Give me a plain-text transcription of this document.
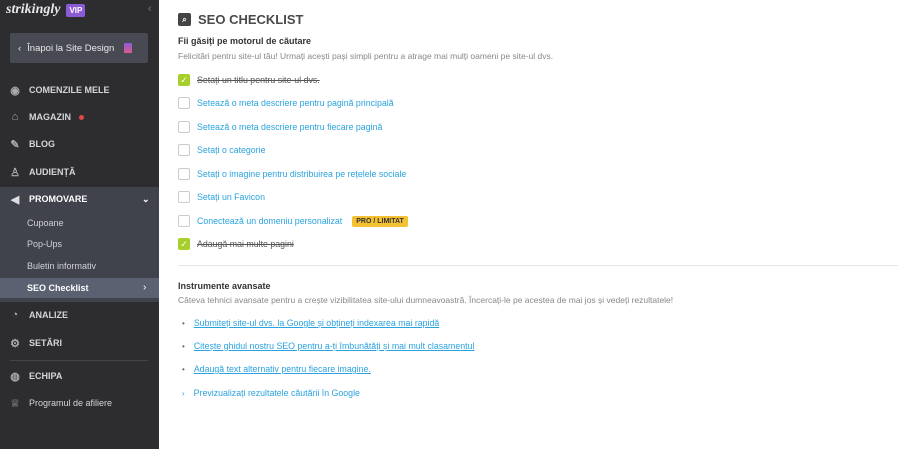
strikingly	VIP	‹
‹ Înapoi la Site Design
◉ COMENZILE MELE
⌂ MAGAZIN
✎ BLOG
♙ AUDIENȚĂ
◀ PROMOVARE	⌄
Cupoane
Pop-Ups
Buletin informativ
SEO Checklist	›
◔ ANALIZE
⚙ SETĂRI
◍ ECHIPA
♕ Programul de afiliere
⌕ SEO CHECKLIST
Fii găsiți pe motorul de căutare
Felicitări pentru site-ul tău! Urmați acești pași simpli pentru a atrage mai mulți oameni pe site-ul dvs.
✓ Setați un titlu pentru site-ul dvs.
Setează o meta descriere pentru pagină principală
Setează o meta descriere pentru fiecare pagină
Setați o categorie
Setați o imagine pentru distribuirea pe rețelele sociale
Setați un Favicon
Conectează un domeniu personalizat	PRO / LIMITAT
✓ Adaugă mai multe pagini
Instrumente avansate
Câteva tehnici avansate pentru a crește vizibilitatea site-ului dumneavoastră. Încercați-le pe acestea de mai jos și vedeți rezultatele!
• Submiteți site-ul dvs. la Google și obțineți indexarea mai rapidă
• Citește ghidul nostru SEO pentru a-ți îmbunătăți și mai mult clasamentul
• Adaugă text alternativ pentru fiecare imagine.
› Previzualizați rezultatele căutării în Google
